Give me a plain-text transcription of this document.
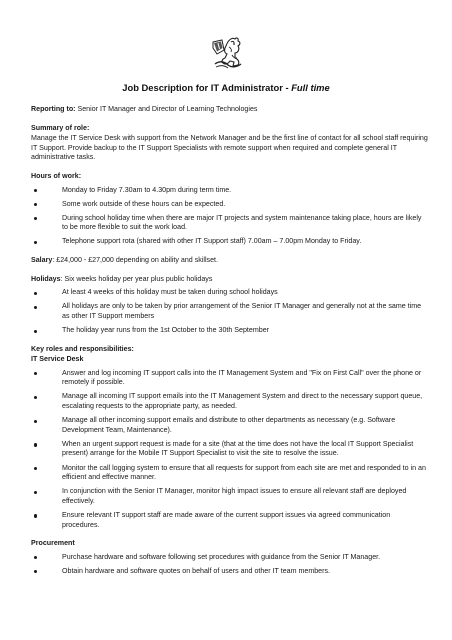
Job Description for IT Administrator - Full time

Reporting to: Senior IT Manager and Director of Learning Technologies

Summary of role:

Manage the IT Service Desk with support from the Network Manager and be the first line of contact for all school staff requiring IT Support. Provide backup to the IT Support Specialists with remote support when required and complete general IT administrative tasks.

Hours of work:

Monday to Friday 7.30am to 4.30pm during term time.
Some work outside of these hours can be expected.
During school holiday time when there are major IT projects and system maintenance taking place, hours are likely to be more flexible to suit the work load.
Telephone support rota (shared with other IT Support staff) 7.00am – 7.00pm Monday to Friday.

Salary: £24,000 - £27,000 depending on ability and skillset.

Holidays: Six weeks holiday per year plus public holidays

At least 4 weeks of this holiday must be taken during school holidays
All holidays are only to be taken by prior arrangement of the Senior IT Manager and generally not at the same time as other IT Support members
The holiday year runs from the 1st October to the 30th September

Key roles and responsibilities:

IT Service Desk

Answer and log incoming IT support calls into the IT Management System and "Fix on First Call" over the phone or remotely if possible.
Manage all incoming IT support emails into the IT Management System and direct to the necessary support queue, escalating requests to the appropriate party, as needed.
Manage all other incoming support emails and distribute to other departments as necessary (e.g. Software Development Team, Maintenance).
When an urgent support request is made for a site (that at the time does not have the local IT Support Specialist present) arrange for the Mobile IT Support Specialist to visit the site to resolve the issue.
Monitor the call logging system to ensure that all requests for support from each site are met and responded to in an efficient and effective manner.
In conjunction with the Senior IT Manager, monitor high impact issues to ensure all relevant staff are deployed effectively.
Ensure relevant IT support staff are made aware of the current support issues via agreed communication procedures.

Procurement

Purchase hardware and software following set procedures with guidance from the Senior IT Manager.
Obtain hardware and software quotes on behalf of users and other IT team members.
